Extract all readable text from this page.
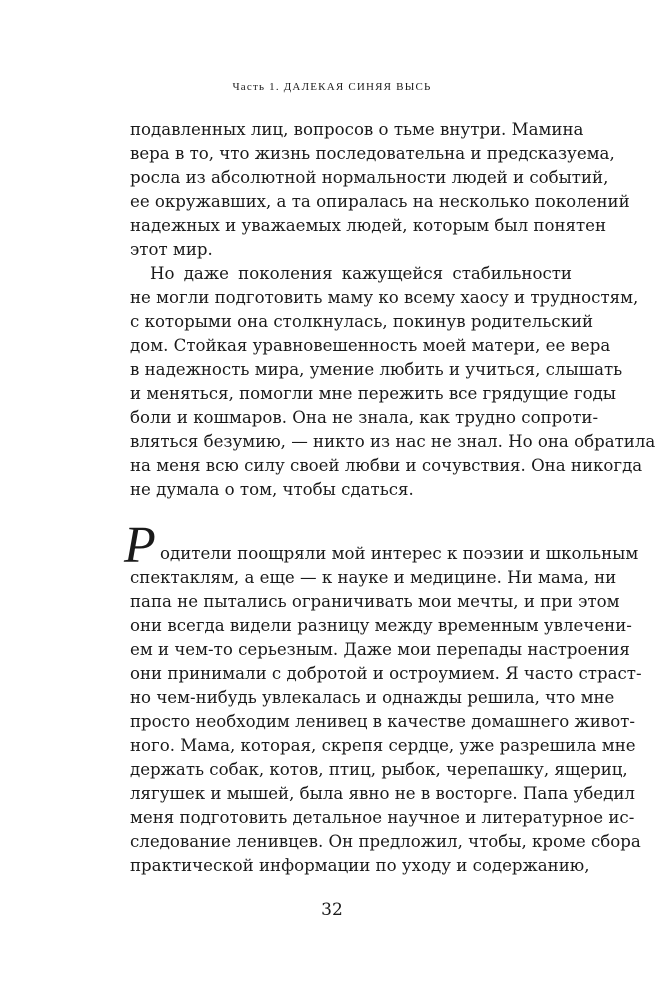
Часть 1. ДАЛЕКАЯ СИНЯЯ ВЫСЬ
подавленных лиц, вопросов о тьме внутри. Мамина
вера в то, что жизнь последовательна и предсказуема,
росла из абсолютной нормальности людей и событий,
ее окружавших, а та опиралась на несколько поколений
надежных и уважаемых людей, которым был понятен
этот мир.
Но даже поколения кажущейся стабильности
не могли подготовить маму ко всему хаосу и трудностям,
с которыми она столкнулась, покинув родительский
дом. Стойкая уравновешенность моей матери, ее вера
в надежность мира, умение любить и учиться, слышать
и меняться, помогли мне пережить все грядущие годы
боли и кошмаров. Она не знала, как трудно сопроти-
вляться безумию, — никто из нас не знал. Но она обратила
на меня всю силу своей любви и сочувствия. Она никогда
не думала о том, чтобы сдаться.
Р одители поощряли мой интерес к поэзии и школьным
спектаклям, а еще — к науке и медицине. Ни мама, ни
папа не пытались ограничивать мои мечты, и при этом
они всегда видели разницу между временным увлечени-
ем и чем-то серьезным. Даже мои перепады настроения
они принимали с добротой и остроумием. Я часто страст-
но чем-нибудь увлекалась и однажды решила, что мне
просто необходим ленивец в качестве домашнего живот-
ного. Мама, которая, скрепя сердце, уже разрешила мне
держать собак, котов, птиц, рыбок, черепашку, ящериц,
лягушек и мышей, была явно не в восторге. Папа убедил
меня подготовить детальное научное и литературное ис-
следование ленивцев. Он предложил, чтобы, кроме сбора
практической информации по уходу и содержанию,
32
